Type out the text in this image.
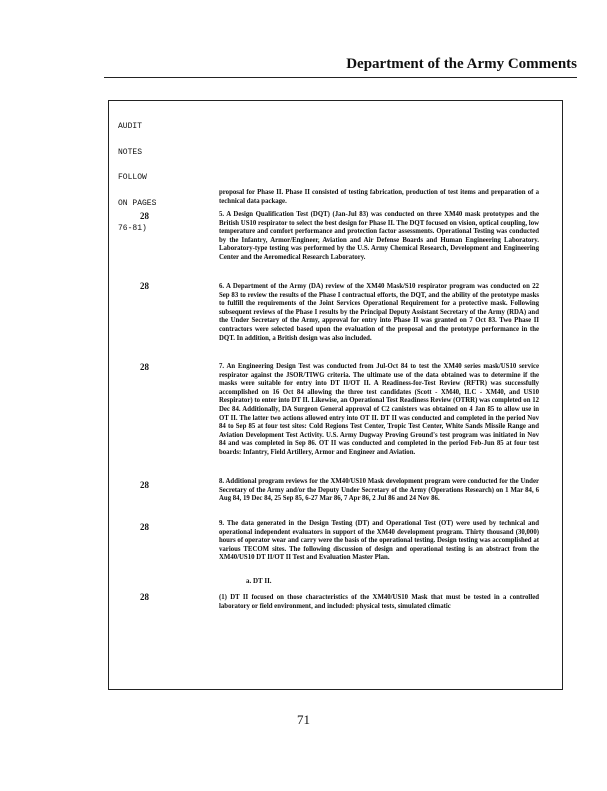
Department of the Army Comments

AUDIT

NOTES

FOLLOW

ON PAGES

76-81)

proposal for Phase II. Phase II consisted of testing fabrication, production of test items and preparation of a technical data package.
28	5. A Design Qualification Test (DQT) (Jan-Jul 83) was conducted on three XM40 mask prototypes and the British US10 respirator to select the best design for Phase II. The DQT focused on vision, optical coupling, low temperature and comfort performance and protection factor assessments. Operational Testing was conducted by the Infantry, Armor/Engineer, Aviation and Air Defense Boards and Human Engineering Laboratory. Laboratory-type testing was performed by the U.S. Army Chemical Research, Development and Engineering Center and the Aeromedical Research Laboratory.
28	6. A Department of the Army (DA) review of the XM40 Mask/S10 respirator program was conducted on 22 Sep 83 to review the results of the Phase I contractual efforts, the DQT, and the ability of the prototype masks to fulfill the requirements of the Joint Services Operational Requirement for a protective mask. Following subsequent reviews of the Phase I results by the Principal Deputy Assistant Secretary of the Army (RDA) and the Under Secretary of the Army, approval for entry into Phase II was granted on 7 Oct 83. Two Phase II contractors were selected based upon the evaluation of the proposal and the prototype performance in the DQT. In addition, a British design was also included.
28	7. An Engineering Design Test was conducted from Jul-Oct 84 to test the XM40 series mask/US10 service respirator against the JSOR/TIWG criteria. The ultimate use of the data obtained was to determine if the masks were suitable for entry into DT II/OT II. A Readiness-for-Test Review (RFTR) was successfully accomplished on 16 Oct 84 allowing the three test candidates (Scott - XM40, ILC - XM40, and US10 Respirator) to enter into DT II. Likewise, an Operational Test Readiness Review (OTRR) was completed on 12 Dec 84. Additionally, DA Surgeon General approval of C2 canisters was obtained on 4 Jan 85 to allow use in OT II. The latter two actions allowed entry into OT II. DT II was conducted and completed in the period Nov 84 to Sep 85 at four test sites: Cold Regions Test Center, Tropic Test Center, White Sands Missile Range and Aviation Development Test Activity. U.S. Army Dugway Proving Ground's test program was initiated in Nov 84 and was completed in Sep 86. OT II was conducted and completed in the period Feb-Jun 85 at four test boards: Infantry, Field Artillery, Armor and Engineer and Aviation.
28	8. Additional program reviews for the XM40/US10 Mask development program were conducted for the Under Secretary of the Army and/or the Deputy Under Secretary of the Army (Operations Research) on 1 Mar 84, 6 Aug 84, 19 Dec 84, 25 Sep 85, 6-27 Mar 86, 7 Apr 86, 2 Jul 86 and 24 Nov 86.
28	9. The data generated in the Design Testing (DT) and Operational Test (OT) were used by technical and operational independent evaluators in support of the XM40 development program. Thirty thousand (30,000) hours of operator wear and carry were the basis of the operational testing. Design testing was accomplished at various TECOM sites. The following discussion of design and operational testing is an abstract from the XM40/US10 DT II/OT II Test and Evaluation Master Plan.
a. DT II.
28	(1) DT II focused on those characteristics of the XM40/US10 Mask that must be tested in a controlled laboratory or field environment, and included: physical tests, simulated climatic
71
